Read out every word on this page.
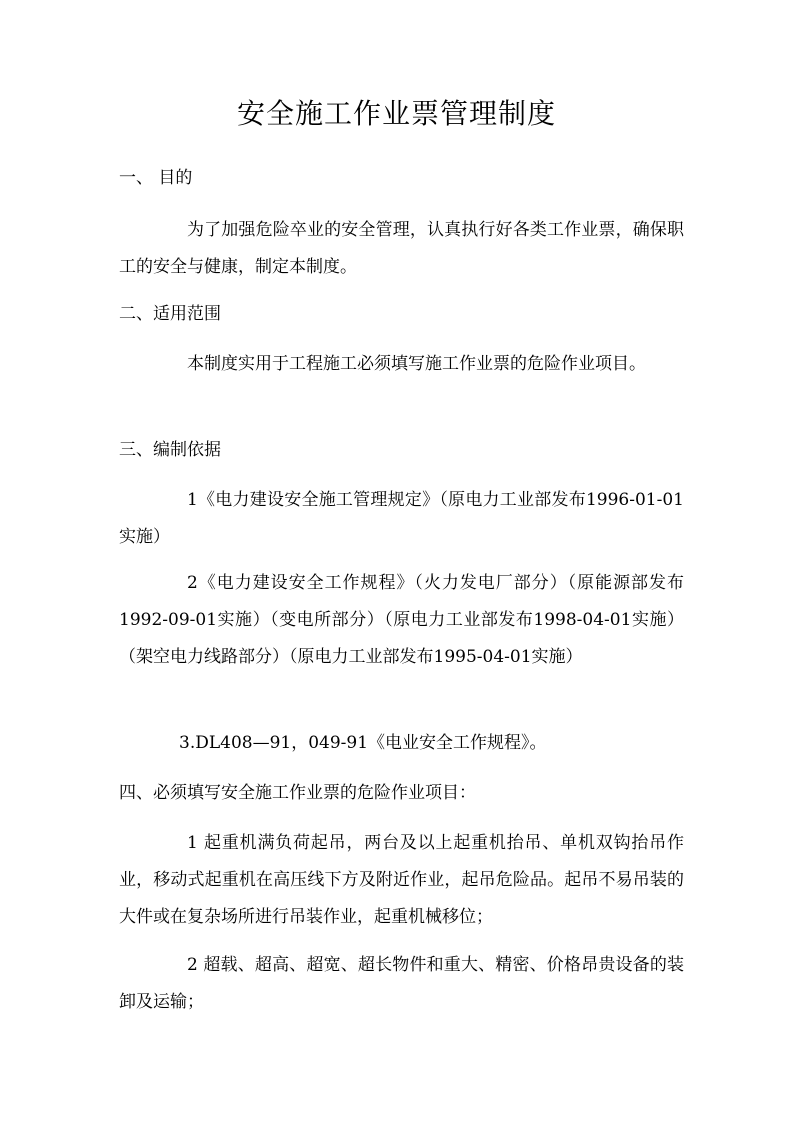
安全施工作业票管理制度

一、 目的

为了加强危险卒业的安全管理，认真执行好各类工作业票，确保职工的安全与健康，制定本制度。

二、适用范围

本制度实用于工程施工必须填写施工作业票的危险作业项目。

三、编制依据

1《电力建设安全施工管理规定》（原电力工业部发布1996-01-01实施）

2《电力建设安全工作规程》（火力发电厂部分）（原能源部发布 1992-09-01实施）（变电所部分）（原电力工业部发布1998-04-01实施）（架空电力线路部分）（原电力工业部发布1995-04-01实施）

3.DL408—91，049-91《电业安全工作规程》。

四、必须填写安全施工作业票的危险作业项目：

1 起重机满负荷起吊，两台及以上起重机抬吊、单机双钩抬吊作业，移动式起重机在高压线下方及附近作业，起吊危险品。起吊不易吊装的大件或在复杂场所进行吊装作业，起重机械移位；

2 超载、超高、超宽、超长物件和重大、精密、价格昂贵设备的装卸及运输；
